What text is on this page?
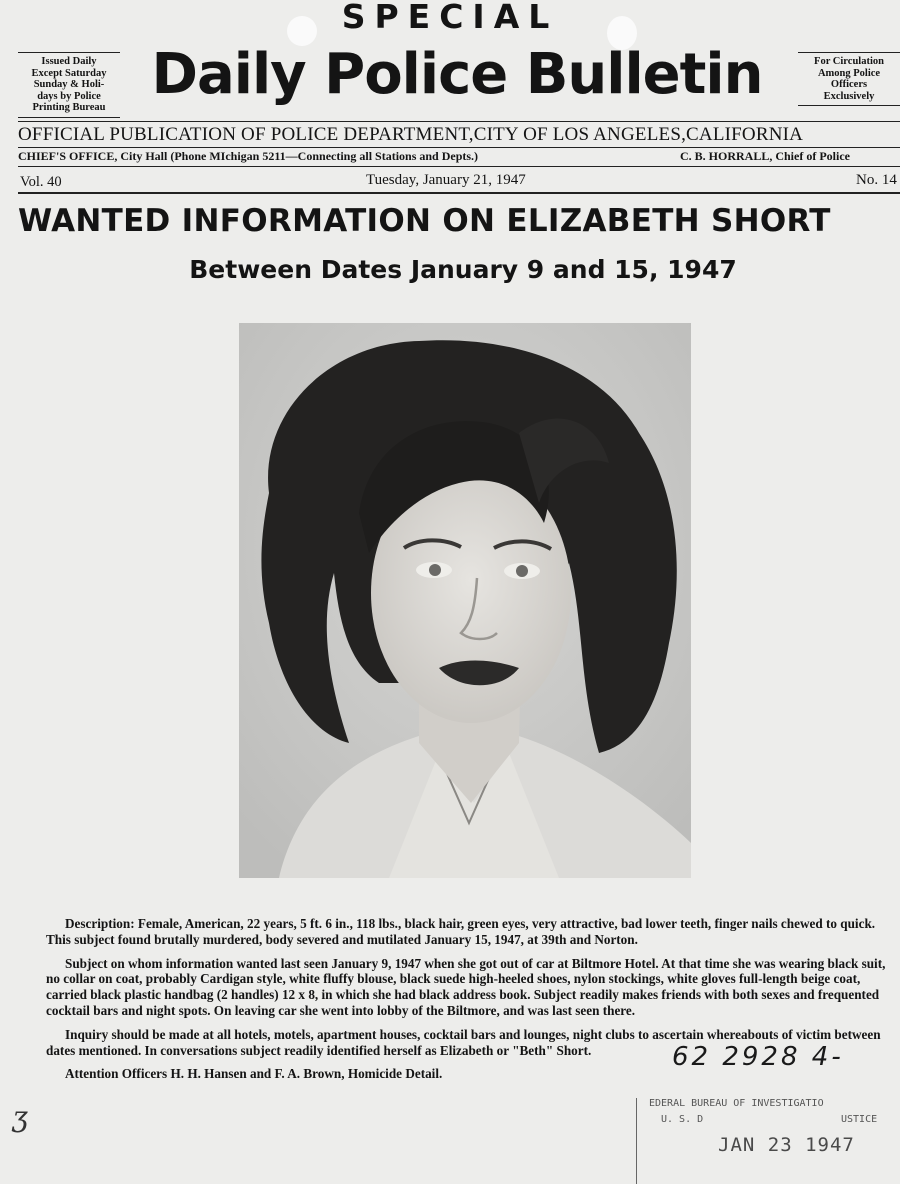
SPECIAL
Daily Police Bulletin
Issued Daily
Except Saturday
Sunday & Holi-
days by Police
Printing Bureau
For Circulation
Among Police
Officers
Exclusively
OFFICIAL PUBLICATION OF POLICE DEPARTMENT,CITY OF LOS ANGELES,CALIFORNIA
CHIEF'S OFFICE, City Hall (Phone MIchigan 5211—Connecting all Stations and Depts.)	C. B. HORRALL, Chief of Police
Vol. 40	Tuesday, January 21, 1947	No. 14
WANTED INFORMATION ON ELIZABETH SHORT
Between Dates January 9 and 15, 1947

Description: Female, American, 22 years, 5 ft. 6 in., 118 lbs., black hair, green eyes, very attractive, bad lower teeth, finger nails chewed to quick. This subject found brutally murdered, body severed and mutilated January 15, 1947, at 39th and Norton.

Subject on whom information wanted last seen January 9, 1947 when she got out of car at Biltmore Hotel. At that time she was wearing black suit, no collar on coat, probably Cardigan style, white fluffy blouse, black suede high-heeled shoes, nylon stockings, white gloves full-length beige coat, carried black plastic handbag (2 handles) 12 x 8, in which she had black address book. Subject readily makes friends with both sexes and frequented cocktail bars and night spots. On leaving car she went into lobby of the Biltmore, and was last seen there.

Inquiry should be made at all hotels, motels, apartment houses, cocktail bars and lounges, night clubs to ascertain whereabouts of victim between dates mentioned. In conversations subject readily identified herself as Elizabeth or "Beth" Short.

Attention Officers H. H. Hansen and F. A. Brown, Homicide Detail.

62 2928 4-
EDERAL BUREAU OF INVESTIGATIO
U. S. D	USTICE
JAN 23 1947
ʒ
